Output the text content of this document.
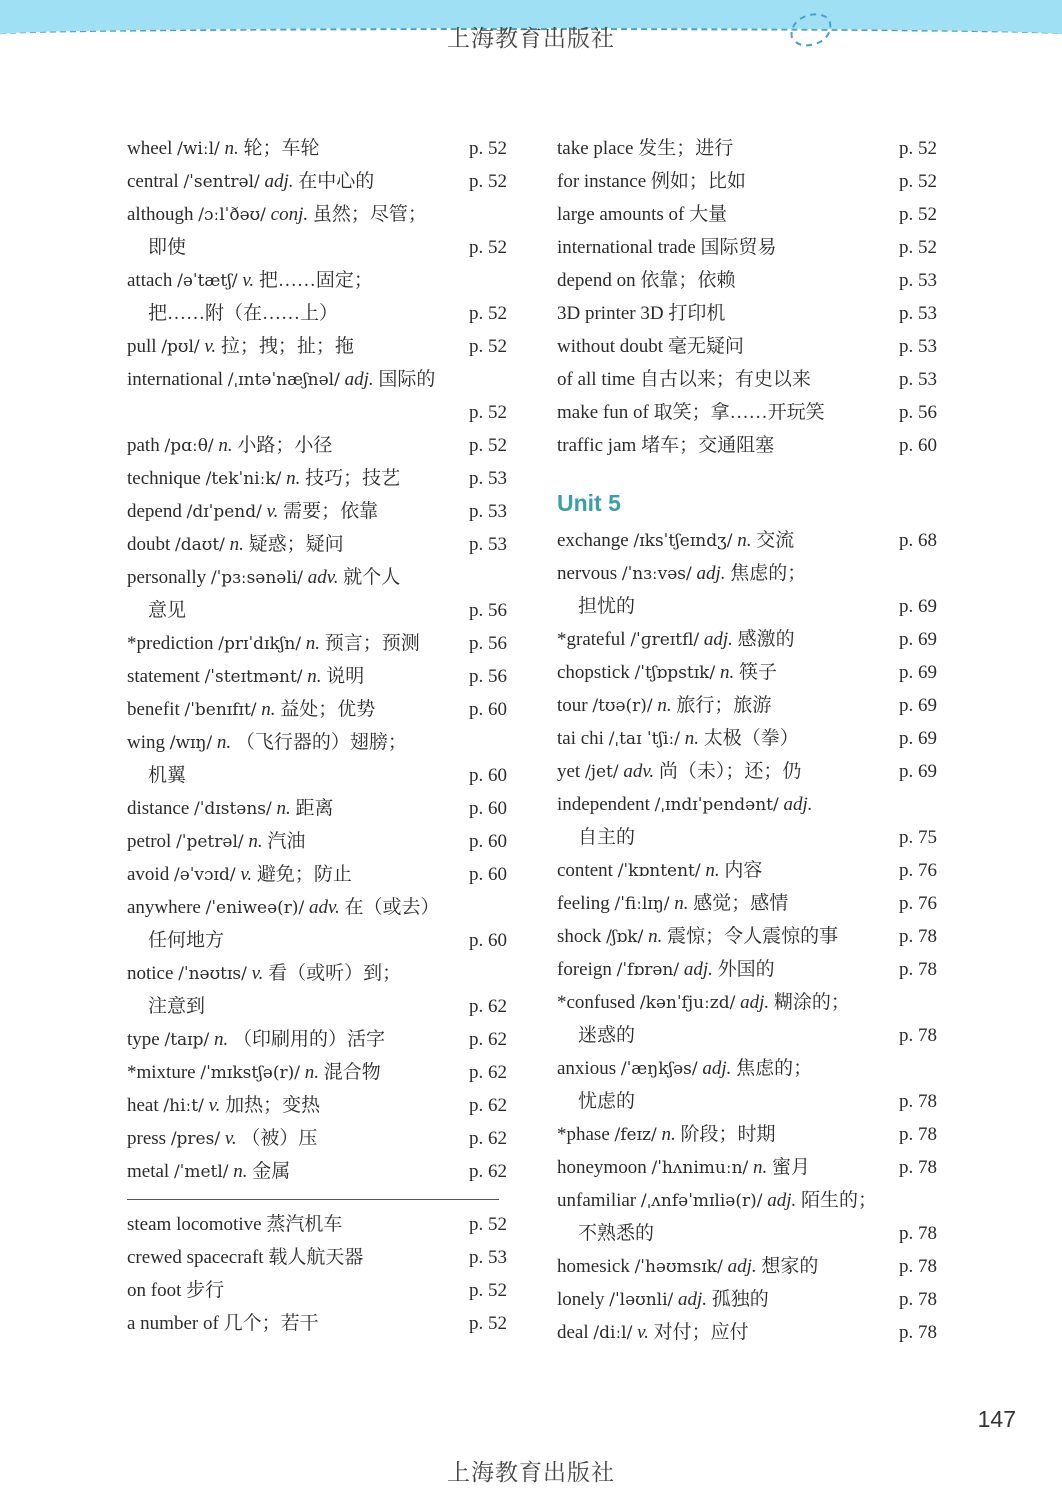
上海教育出版社
wheel /wiːl/ n. 轮；车轮	p. 52
central /ˈsentrəl/ adj. 在中心的	p. 52
although /ɔːlˈðəʊ/ conj. 虽然；尽管；
即使	p. 52
attach /əˈtætʃ/ v. 把……固定；
把……附（在……上）	p. 52
pull /pʊl/ v. 拉；拽；扯；拖	p. 52
international /ˌɪntəˈnæʃnəl/ adj. 国际的
p. 52
path /pɑːθ/ n. 小路；小径	p. 52
technique /tekˈniːk/ n. 技巧；技艺	p. 53
depend /dɪˈpend/ v. 需要；依靠	p. 53
doubt /daʊt/ n. 疑惑；疑问	p. 53
personally /ˈpɜːsənəli/ adv. 就个人
意见	p. 56
*prediction /prɪˈdɪkʃn/ n. 预言；预测	p. 56
statement /ˈsteɪtmənt/ n. 说明	p. 56
benefit /ˈbenɪfɪt/ n. 益处；优势	p. 60
wing /wɪŋ/ n. （飞行器的）翅膀；
机翼	p. 60
distance /ˈdɪstəns/ n. 距离	p. 60
petrol /ˈpetrəl/ n. 汽油	p. 60
avoid /əˈvɔɪd/ v. 避免；防止	p. 60
anywhere /ˈeniweə(r)/ adv. 在（或去）
任何地方	p. 60
notice /ˈnəʊtɪs/ v. 看（或听）到；
注意到	p. 62
type /taɪp/ n. （印刷用的）活字	p. 62
*mixture /ˈmɪkstʃə(r)/ n. 混合物	p. 62
heat /hiːt/ v. 加热；变热	p. 62
press /pres/ v. （被）压	p. 62
metal /ˈmetl/ n. 金属	p. 62
steam locomotive 蒸汽机车	p. 52
crewed spacecraft 载人航天器	p. 53
on foot 步行	p. 52
a number of 几个；若干	p. 52
take place 发生；进行	p. 52
for instance 例如；比如	p. 52
large amounts of 大量	p. 52
international trade 国际贸易	p. 52
depend on 依靠；依赖	p. 53
3D printer 3D 打印机	p. 53
without doubt 毫无疑问	p. 53
of all time 自古以来；有史以来	p. 53
make fun of 取笑；拿……开玩笑	p. 56
traffic jam 堵车；交通阻塞	p. 60
Unit 5
exchange /ɪksˈtʃeɪndʒ/ n. 交流	p. 68
nervous /ˈnɜːvəs/ adj. 焦虑的；
担忧的	p. 69
*grateful /ˈɡreɪtfl/ adj. 感激的	p. 69
chopstick /ˈtʃɒpstɪk/ n. 筷子	p. 69
tour /tʊə(r)/ n. 旅行；旅游	p. 69
tai chi /ˌtaɪ ˈtʃiː/ n. 太极（拳）	p. 69
yet /jet/ adv. 尚（未）；还；仍	p. 69
independent /ˌɪndɪˈpendənt/ adj.
自主的	p. 75
content /ˈkɒntent/ n. 内容	p. 76
feeling /ˈfiːlɪŋ/ n. 感觉；感情	p. 76
shock /ʃɒk/ n. 震惊；令人震惊的事	p. 78
foreign /ˈfɒrən/ adj. 外国的	p. 78
*confused /kənˈfjuːzd/ adj. 糊涂的；
迷惑的	p. 78
anxious /ˈæŋkʃəs/ adj. 焦虑的；
忧虑的	p. 78
*phase /feɪz/ n. 阶段；时期	p. 78
honeymoon /ˈhʌnimuːn/ n. 蜜月	p. 78
unfamiliar /ˌʌnfəˈmɪliə(r)/ adj. 陌生的；
不熟悉的	p. 78
homesick /ˈhəʊmsɪk/ adj. 想家的	p. 78
lonely /ˈləʊnli/ adj. 孤独的	p. 78
deal /diːl/ v. 对付；应付	p. 78
147
上海教育出版社
